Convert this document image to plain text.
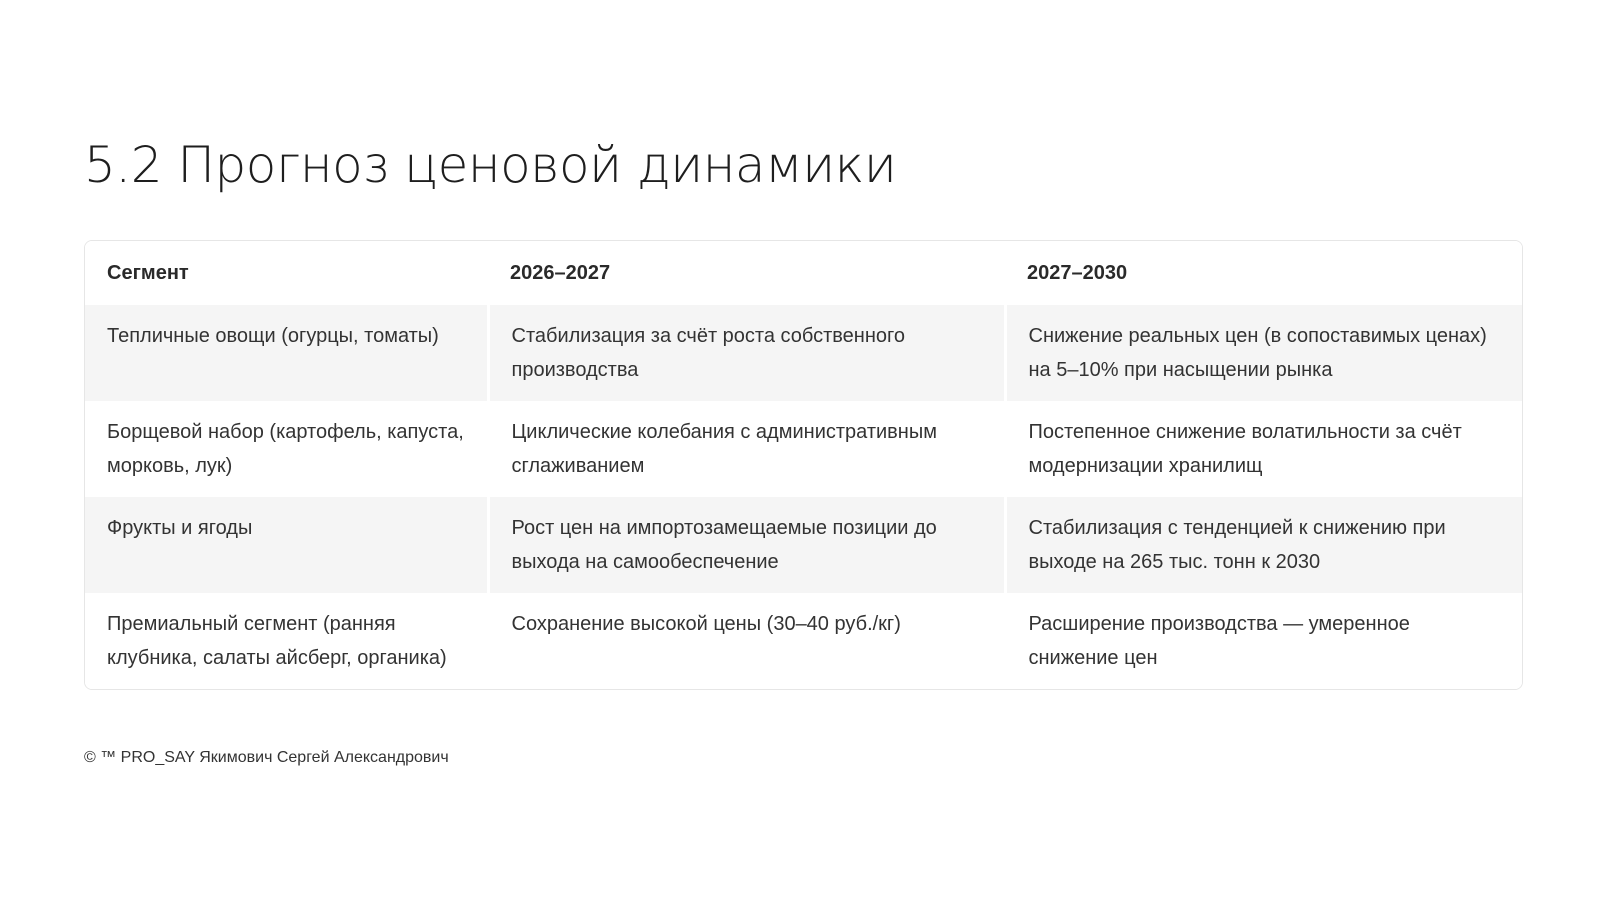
5.2 Прогноз ценовой динамики
Сегмент	2026–2027	2027–2030
Тепличные овощи (огурцы, томаты)	Стабилизация за счёт роста собственного производства	Снижение реальных цен (в сопоставимых ценах) на 5–10% при насыщении рынка
Борщевой набор (картофель, капуста, морковь, лук)	Циклические колебания с административным сглаживанием	Постепенное снижение волатильности за счёт модернизации хранилищ
Фрукты и ягоды	Рост цен на импортозамещаемые позиции до выхода на самообеспечение	Стабилизация с тенденцией к снижению при выходе на 265 тыс. тонн к 2030
Премиальный сегмент (ранняя клубника, салаты айсберг, органика)	Сохранение высокой цены (30–40 руб./кг)	Расширение производства — умеренное снижение цен
© ™ PRO_SAY Якимович Сергей Александрович
